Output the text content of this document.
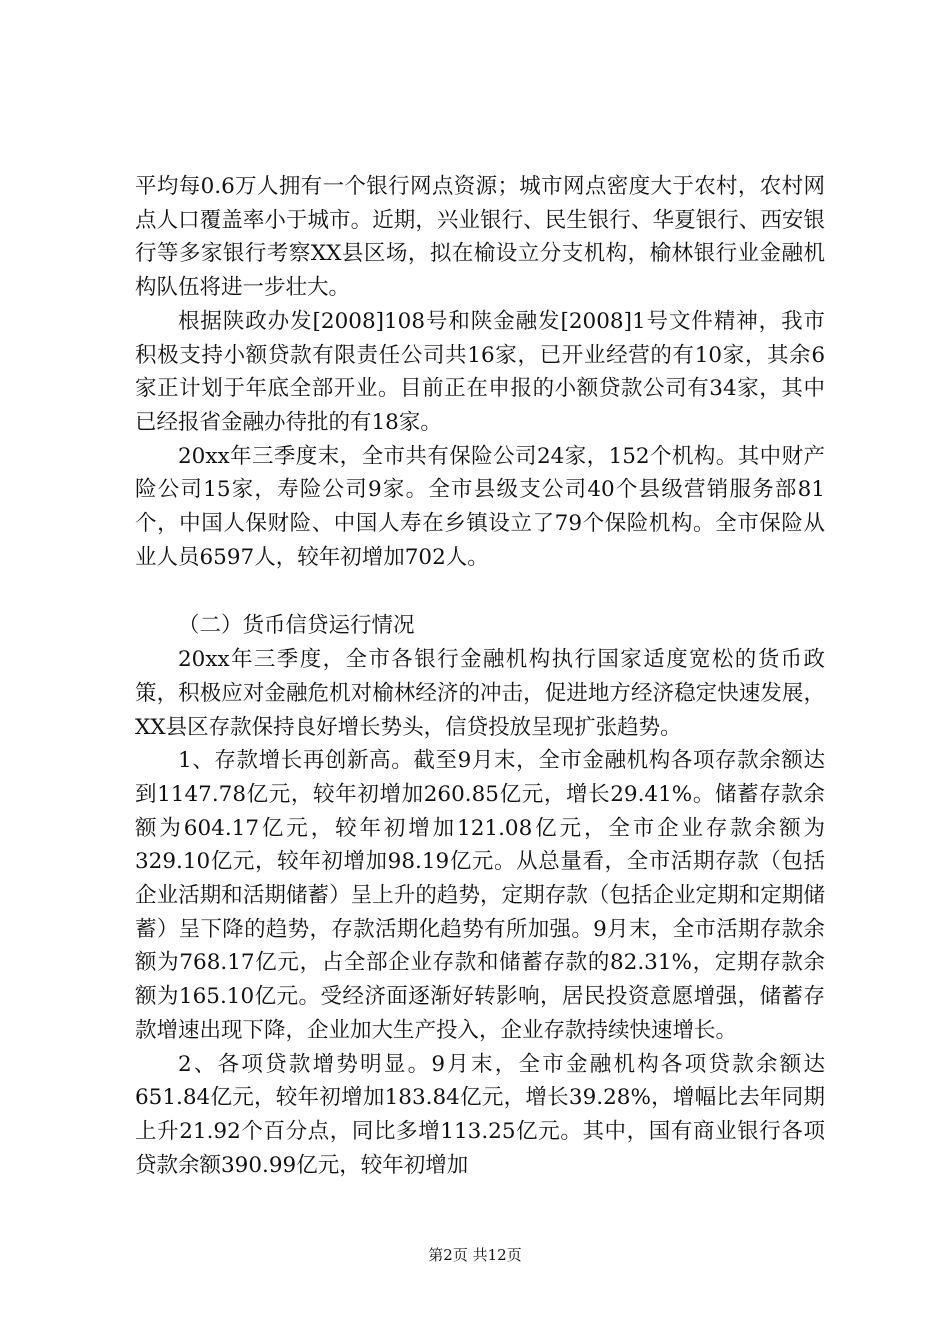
平均每0.6万人拥有一个银行网点资源；城市网点密度大于农村，农村网点人口覆盖率小于城市。近期，兴业银行、民生银行、华夏银行、西安银行等多家银行考察XX县区场，拟在榆设立分支机构，榆林银行业金融机构队伍将进一步壮大。

根据陕政办发[2008]108号和陕金融发[2008]1号文件精神，我市积极支持小额贷款有限责任公司共16家，已开业经营的有10家，其余6家正计划于年底全部开业。目前正在申报的小额贷款公司有34家，其中已经报省金融办待批的有18家。

20xx年三季度末，全市共有保险公司24家，152个机构。其中财产险公司15家，寿险公司9家。全市县级支公司40个县级营销服务部81个，中国人保财险、中国人寿在乡镇设立了79个保险机构。全市保险从业人员6597人，较年初增加702人。

（二）货币信贷运行情况

20xx年三季度，全市各银行金融机构执行国家适度宽松的货币政策，积极应对金融危机对榆林经济的冲击，促进地方经济稳定快速发展，XX县区存款保持良好增长势头，信贷投放呈现扩张趋势。

1、存款增长再创新高。截至9月末，全市金融机构各项存款余额达到1147.78亿元，较年初增加260.85亿元，增长29.41%。储蓄存款余额为604.17亿元，较年初增加121.08亿元，全市企业存款余额为329.10亿元，较年初增加98.19亿元。从总量看，全市活期存款（包括企业活期和活期储蓄）呈上升的趋势，定期存款（包括企业定期和定期储蓄）呈下降的趋势，存款活期化趋势有所加强。9月末，全市活期存款余额为768.17亿元，占全部企业存款和储蓄存款的82.31%，定期存款余额为165.10亿元。受经济面逐渐好转影响，居民投资意愿增强，储蓄存款增速出现下降，企业加大生产投入，企业存款持续快速增长。

2、各项贷款增势明显。9月末，全市金融机构各项贷款余额达651.84亿元，较年初增加183.84亿元，增长39.28%，增幅比去年同期上升21.92个百分点，同比多增113.25亿元。其中，国有商业银行各项贷款余额390.99亿元，较年初增加

第2页 共12页
